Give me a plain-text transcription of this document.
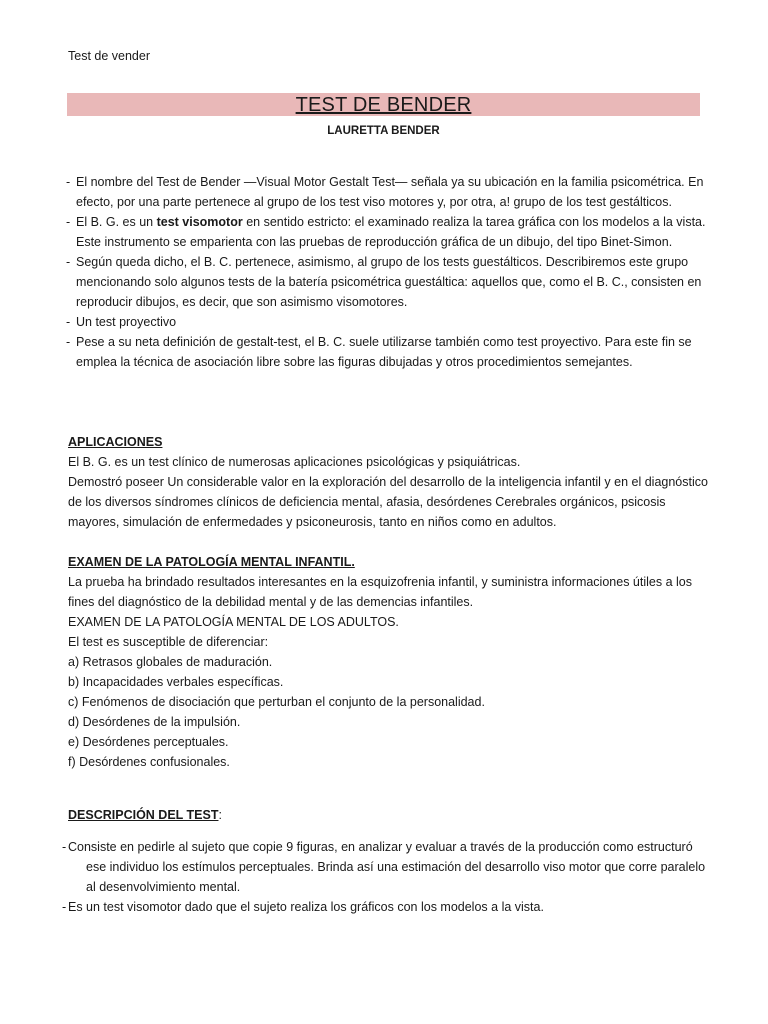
Test de vender
TEST DE BENDER
LAURETTA BENDER
- El nombre del Test de Bender —Visual Motor Gestalt Test— señala ya su ubicación en la familia psicométrica. En efecto, por una parte pertenece al grupo de los test viso motores y, por otra, a! grupo de los test gestálticos.

- El B. G. es un test visomotor en sentido estricto: el examinado realiza la tarea gráfica con los modelos a la vista. Este instrumento se emparienta con las pruebas de reproducción gráfica de un dibujo, del tipo Binet-Simon.

- Según queda dicho, el B. C. pertenece, asimismo, al grupo de los tests guestálticos. Describiremos este grupo mencionando solo algunos tests de la batería psicométrica guestáltica: aquellos que, como el B. C., consisten en reproducir dibujos, es decir, que son asimismo visomotores.

- Un test proyectivo

- Pese a su neta definición de gestalt-test, el B. C. suele utilizarse también como test proyectivo. Para este fin se emplea la técnica de asociación libre sobre las figuras dibujadas y otros procedimientos semejantes.

APLICACIONES

El B. G. es un test clínico de numerosas aplicaciones psicológicas y psiquiátricas.

Demostró poseer Un considerable valor en la exploración del desarrollo de la inteligencia infantil y en el diagnóstico de los diversos síndromes clínicos de deficiencia mental, afasia, desórdenes Cerebrales orgánicos, psicosis mayores, simulación de enfermedades y psiconeurosis, tanto en niños como en adultos.

EXAMEN DE LA PATOLOGÍA MENTAL INFANTIL.

La prueba ha brindado resultados interesantes en la esquizofrenia infantil, y suministra informaciones útiles a los fines del diagnóstico de la debilidad mental y de las demencias infantiles.

EXAMEN DE LA PATOLOGÍA MENTAL DE LOS ADULTOS.

El test es susceptible de diferenciar:

a) Retrasos globales de maduración.

b) Incapacidades verbales específicas.

c) Fenómenos de disociación que perturban el conjunto de la personalidad.

d) Desórdenes de la impulsión.

e) Desórdenes perceptuales.

f) Desórdenes confusionales.

DESCRIPCIÓN DEL TEST:

- Consiste en pedirle al sujeto que copie 9 figuras, en analizar y evaluar a través de la producción como estructuró ese individuo los estímulos perceptuales. Brinda así una estimación del desarrollo viso motor que corre paralelo al desenvolvimiento mental.

- Es un test visomotor dado que el sujeto realiza los gráficos con los modelos a la vista.
